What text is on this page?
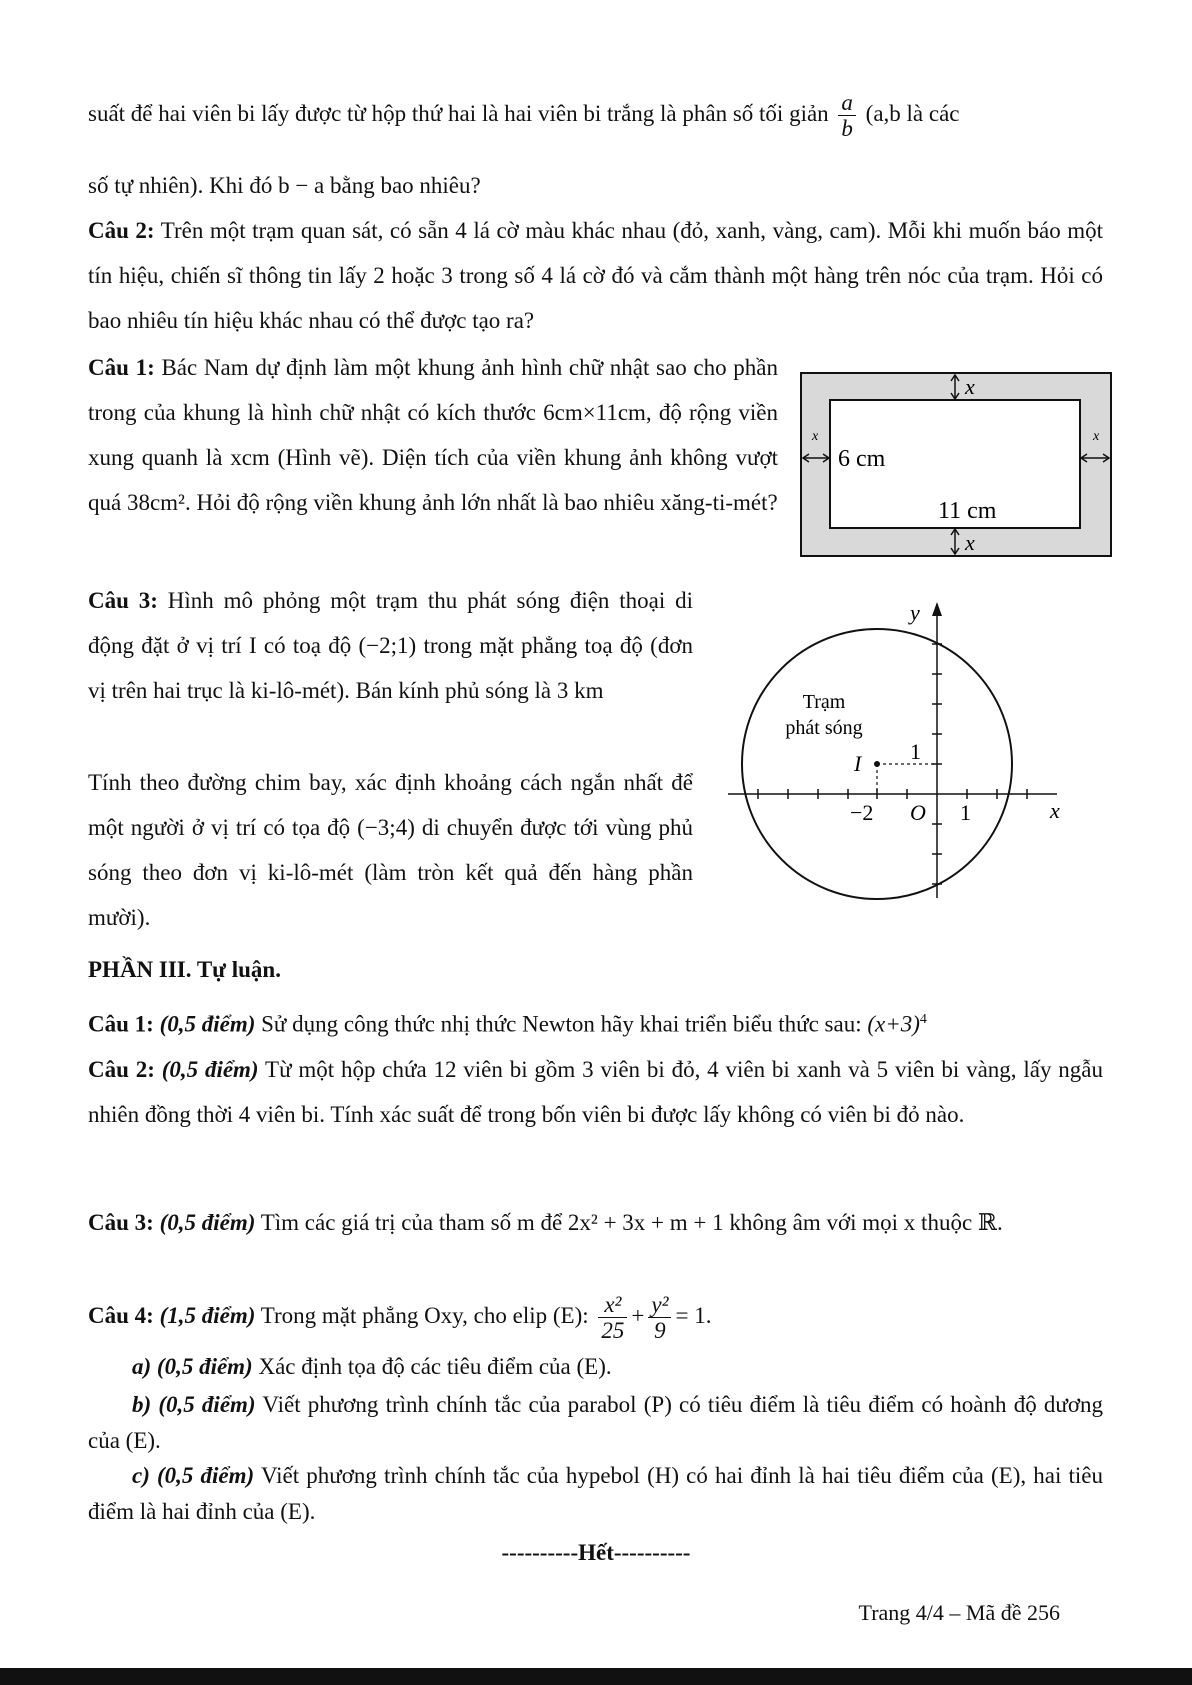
suất để hai viên bi lấy được từ hộp thứ hai là hai viên bi trắng là phân số tối giản $\frac{a}{b} (a,b$ là các
số tự nhiên). Khi đó b − a bằng bao nhiêu?
Câu 2: Trên một trạm quan sát, có sẵn 4 lá cờ màu khác nhau (đỏ, xanh, vàng, cam). Mỗi khi muốn báo một tín hiệu, chiến sĩ thông tin lấy 2 hoặc 3 trong số 4 lá cờ đó và cắm thành một hàng trên nóc của trạm. Hỏi có bao nhiêu tín hiệu khác nhau có thể được tạo ra?
Câu 1: Bác Nam dự định làm một khung ảnh hình chữ nhật sao cho phần trong của khung là hình chữ nhật có kích thước 6cm×11cm, độ rộng viền xung quanh là xcm (Hình vẽ). Diện tích của viền khung ảnh không vượt quá 38cm². Hỏi độ rộng viền khung ảnh lớn nhất là bao nhiêu xăng-ti-mét?
x
x
x	x
6 cm
11 cm
Câu 3: Hình mô phỏng một trạm thu phát sóng điện thoại di động đặt ở vị trí I có toạ độ (−2;1) trong mặt phẳng toạ độ (đơn vị trên hai trục là ki-lô-mét). Bán kính phủ sóng là 3 km
Tính theo đường chim bay, xác định khoảng cách ngắn nhất để một người ở vị trí có tọa độ (−3;4) di chuyển được tới vùng phủ sóng theo đơn vị ki-lô-mét (làm tròn kết quả đến hàng phần mười).
y
x
I 1
−2 O 1
Trạm
phát sóng
PHẦN III. Tự luận.
Câu 1: (0,5 điểm) Sử dụng công thức nhị thức Newton hãy khai triển biểu thức sau: $(x+3)^4$
Câu 2: (0,5 điểm) Từ một hộp chứa 12 viên bi gồm 3 viên bi đỏ, 4 viên bi xanh và 5 viên bi vàng, lấy ngẫu nhiên đồng thời 4 viên bi. Tính xác suất để trong bốn viên bi được lấy không có viên bi đỏ nào.
Câu 3: (0,5 điểm) Tìm các giá trị của tham số m để 2x² + 3x + m + 1 không âm với mọi x thuộc ℝ.
Câu 4: (1,5 điểm) Trong mặt phẳng Oxy, cho elip (E): $\frac{\text{x²}}{25} + \frac{\text{y²}}{9} = 1$.
a) (0,5 điểm) Xác định tọa độ các tiêu điểm của (E).
b) (0,5 điểm) Viết phương trình chính tắc của parabol (P) có tiêu điểm là tiêu điểm có hoành độ dương của (E).
c) (0,5 điểm) Viết phương trình chính tắc của hypebol (H) có hai đỉnh là hai tiêu điểm của (E), hai tiêu điểm là hai đỉnh của (E).
----------Hết----------
Trang 4/4 – Mã đề 256
